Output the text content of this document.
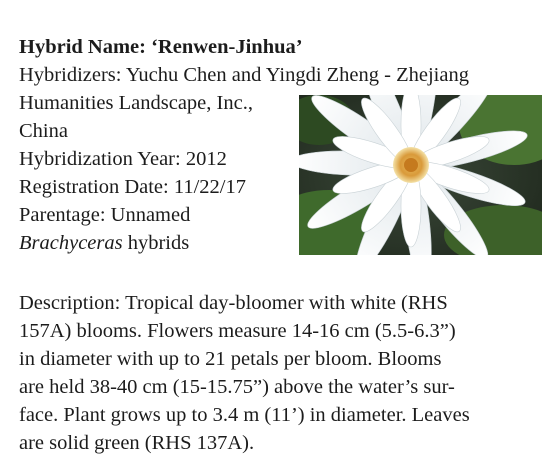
Hybrid Name: ‘Renwen-Jinhua’
Hybridizers: Yuchu Chen and Yingdi Zheng - Zhejiang
Humanities Landscape, Inc.,
China
Hybridization Year: 2012
Registration Date: 11/22/17
Parentage: Unnamed
Brachyceras hybrids
Description: Tropical day-bloomer with white (RHS
157A) blooms. Flowers measure 14-16 cm (5.5-6.3”)
in diameter with up to 21 petals per bloom. Blooms
are held 38-40 cm (15-15.75”) above the water’s sur-
face. Plant grows up to 3.4 m (11’) in diameter. Leaves
are solid green (RHS 137A).
